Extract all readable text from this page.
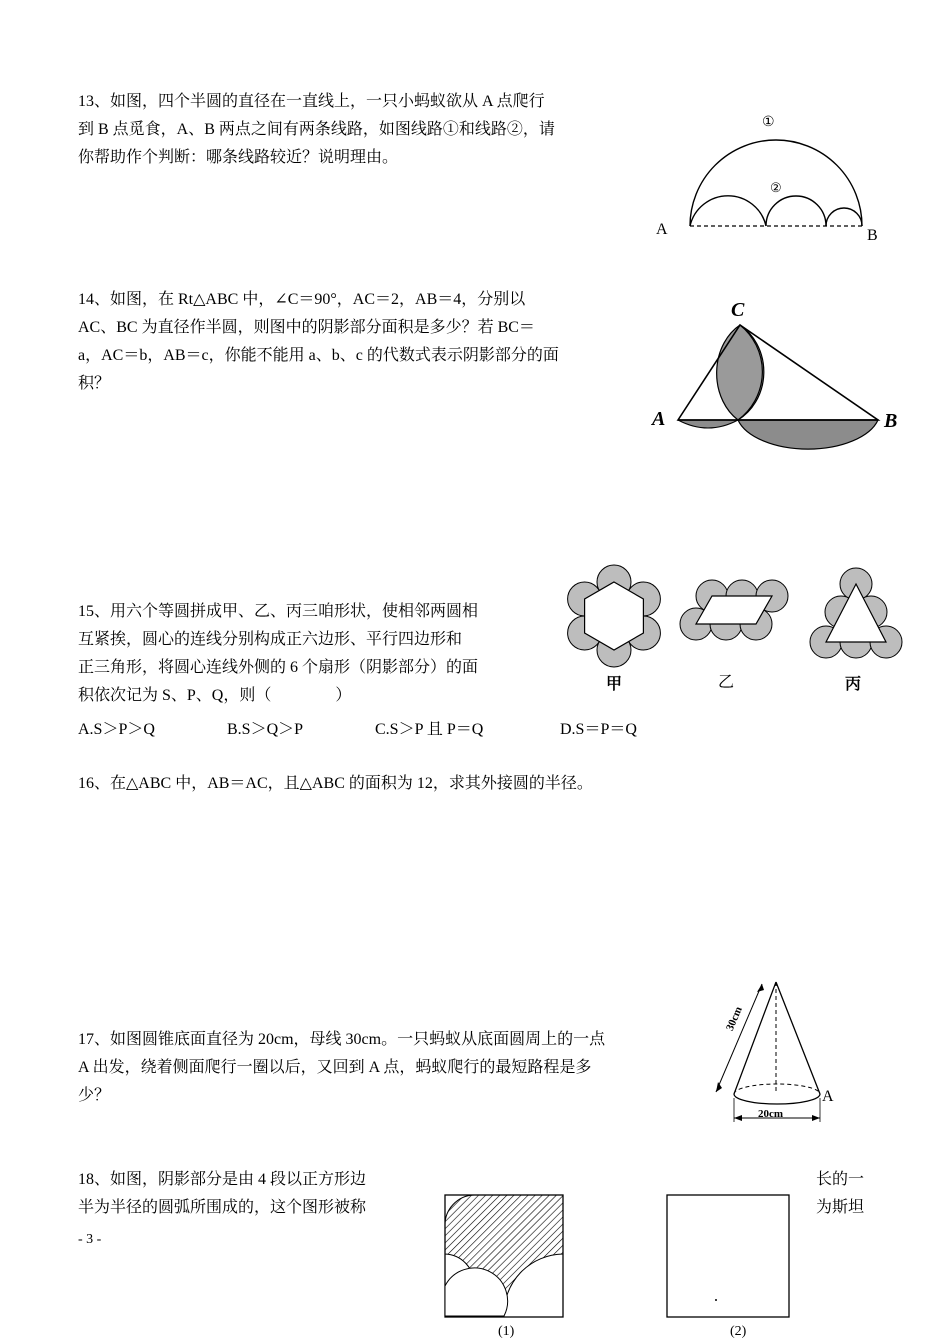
13、如图，四个半圆的直径在一直线上，一只小蚂蚁欲从 A 点爬行
到 B 点觅食，A、B 两点之间有两条线路，如图线路①和线路②，请
你帮助作个判断：哪条线路较近？说明理由。
①
②
A	B
14、如图，在 Rt△ABC 中，∠C＝90°，AC＝2，AB＝4，分别以
AC、BC 为直径作半圆，则图中的阴影部分面积是多少？若 BC＝
a，AC＝b，AB＝c，你能不能用 a、b、c 的代数式表示阴影部分的面
积？
C
A	B
15、用六个等圆拼成甲、乙、丙三咱形状，使相邻两圆相
互紧挨，圆心的连线分别构成正六边形、平行四边形和
正三角形，将圆心连线外侧的 6 个扇形（阴影部分）的面
积依次记为 S、P、Q，则（　　　　）
甲	乙	丙
A.S＞P＞Q	B.S＞Q＞P	C.S＞P 且 P＝Q	D.S＝P＝Q
16、在△ABC 中，AB＝AC，且△ABC 的面积为 12，求其外接圆的半径。
17、如图圆锥底面直径为 20cm，母线 30cm。一只蚂蚁从底面圆周上的一点
A 出发，绕着侧面爬行一圈以后，又回到 A 点，蚂蚁爬行的最短路程是多
少？
30cm
20cm
A
18、如图，阴影部分是由 4 段以正方形边
半为半径的圆弧所围成的，这个图形被称
长的一
为斯坦
(1)	(2)
- 3 -
